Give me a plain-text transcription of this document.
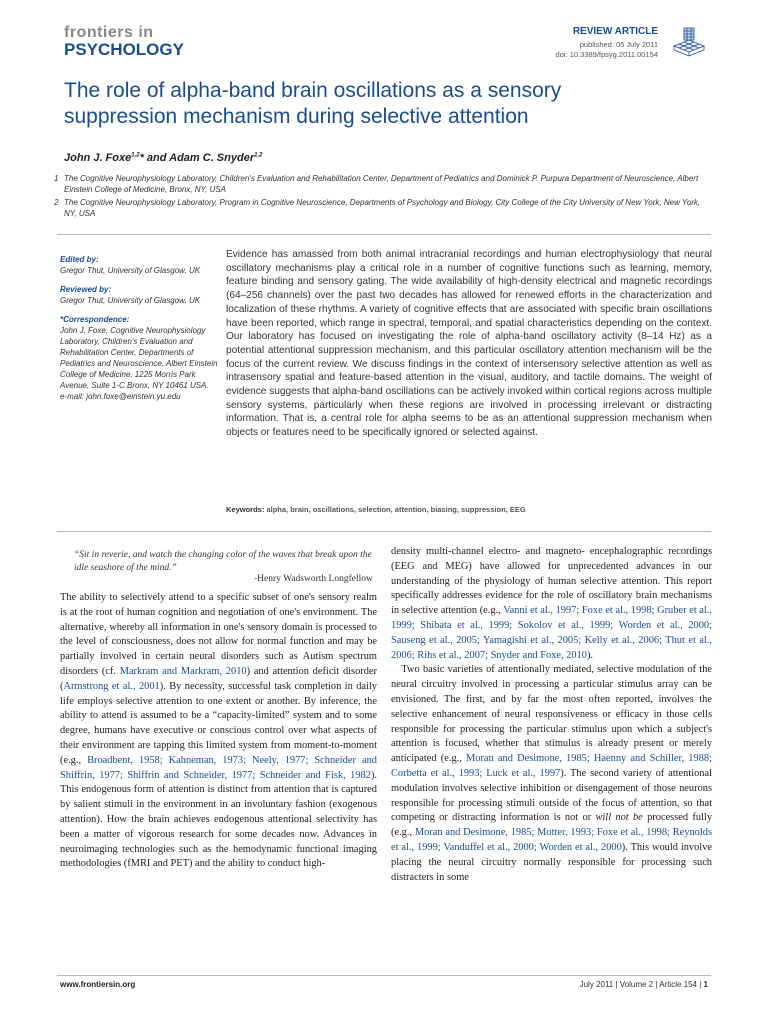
frontiers in
PSYCHOLOGY
REVIEW ARTICLE
published: 05 July 2011
doi: 10.3389/fpsyg.2011.00154
The role of alpha-band brain oscillations as a sensory suppression mechanism during selective attention
John J. Foxe$^{1,2}$* and Adam C. Snyder$^{1,2}$
1 The Cognitive Neurophysiology Laboratory, Children's Evaluation and Rehabilitation Center, Department of Pediatrics and Dominick P. Purpura Department of Neuroscience, Albert Einstein College of Medicine, Bronx, NY, USA
2 The Cognitive Neurophysiology Laboratory, Program in Cognitive Neuroscience, Departments of Psychology and Biology, City College of the City University of New York, New York, NY, USA
Edited by:
Gregor Thut, University of Glasgow, UK
Reviewed by:
Gregor Thut, University of Glasgow, UK
*Correspondence:
John J. Foxe, Cognitive Neurophysiology Laboratory, Children's Evaluation and Rehabilitation Center, Departments of Pediatrics and Neuroscience, Albert Einstein College of Medicine, 1225 Morris Park Avenue, Suite 1-C Bronx, NY 10461 USA.
e-mail: john.foxe@einstein.yu.edu
Evidence has amassed from both animal intracranial recordings and human electrophysiology that neural oscillatory mechanisms play a critical role in a number of cognitive functions such as learning, memory, feature binding and sensory gating. The wide availability of high-density electrical and magnetic recordings (64–256 channels) over the past two decades has allowed for renewed efforts in the characterization and localization of these rhythms. A variety of cognitive effects that are associated with specific brain oscillations have been reported, which range in spectral, temporal, and spatial characteristics depending on the context. Our laboratory has focused on investigating the role of alpha-band oscillatory activity (8–14 Hz) as a potential attentional suppression mechanism, and this particular oscillatory attention mechanism will be the focus of the current review. We discuss findings in the context of intersensory selective attention as well as intrasensory spatial and feature-based attention in the visual, auditory, and tactile domains. The weight of evidence suggests that alpha-band oscillations can be actively invoked within cortical regions across multiple sensory systems, particularly when these regions are involved in processing irrelevant or distracting information. That is, a central role for alpha seems to be as an attentional suppression mechanism when objects or features need to be specifically ignored or selected against.
Keywords: alpha, brain, oscillations, selection, attention, biasing, suppression, EEG
“Sit in reverie, and watch the changing color of the waves that break upon the idle seashore of the mind.”
-Henry Wadsworth Longfellow
The ability to selectively attend to a specific subset of one's sensory realm is at the root of human cognition and negotiation of one's environment. The alternative, whereby all information in one's sensory domain is processed to the level of consciousness, does not allow for normal function and may be partially involved in certain neural disorders such as Autism spectrum disorders (cf. Markram and Markram, 2010) and attention deficit disorder (Armstrong et al., 2001). By necessity, successful task completion in daily life employs selective attention to one extent or another. By inference, the ability to attend is assumed to be a “capacity-limited” system and to some degree, humans have executive or conscious control over what aspects of their environment are tapping this limited system from moment-to-moment (e.g., Broadbent, 1958; Kahneman, 1973; Neely, 1977; Schneider and Shiffrin, 1977; Shiffrin and Schneider, 1977; Schneider and Fisk, 1982). This endogenous form of attention is distinct from attention that is captured by salient stimuli in the environment in an involuntary fashion (exogenous attention). How the brain achieves endogenous attentional selectivity has been a matter of vigorous research for some decades now. Advances in neuroimaging technologies such as the hemodynamic functional imaging methodologies (fMRI and PET) and the ability to conduct high-
density multi-channel electro- and magneto- encephalographic recordings (EEG and MEG) have allowed for unprecedented advances in our understanding of the physiology of human selective attention. This report specifically addresses evidence for the role of oscillatory brain mechanisms in selective attention (e.g., Vanni et al., 1997; Foxe et al., 1998; Gruber et al., 1999; Shibata et al., 1999; Sokolov et al., 1999; Worden et al., 2000; Sauseng et al., 2005; Yamagishi et al., 2005; Kelly et al., 2006; Thut et al., 2006; Rihs et al., 2007; Snyder and Foxe, 2010).
 Two basic varieties of attentionally mediated, selective modulation of the neural circuitry involved in processing a particular stimulus array can be envisioned. The first, and by far the most often reported, involves the selective enhancement of neural responsiveness or efficacy in those cells responsible for processing the particular stimulus upon which a subject's attention is focused, whether that stimulus is already present or merely anticipated (e.g., Moran and Desimone, 1985; Haenny and Schiller, 1988; Corbetta et al., 1993; Luck et al., 1997). The second variety of attentional modulation involves selective inhibition or disengagement of those neurons responsible for processing stimuli outside of the focus of attention, so that competing or distracting information is not or will not be processed fully (e.g., Moran and Desimone, 1985; Motter, 1993; Foxe et al., 1998; Reynolds et al., 1999; Vanduffel et al., 2000; Worden et al., 2000). This would involve placing the neural circuitry normally responsible for processing such distracters in some
www.frontiersin.org	July 2011 | Volume 2 | Article 154 | 1
